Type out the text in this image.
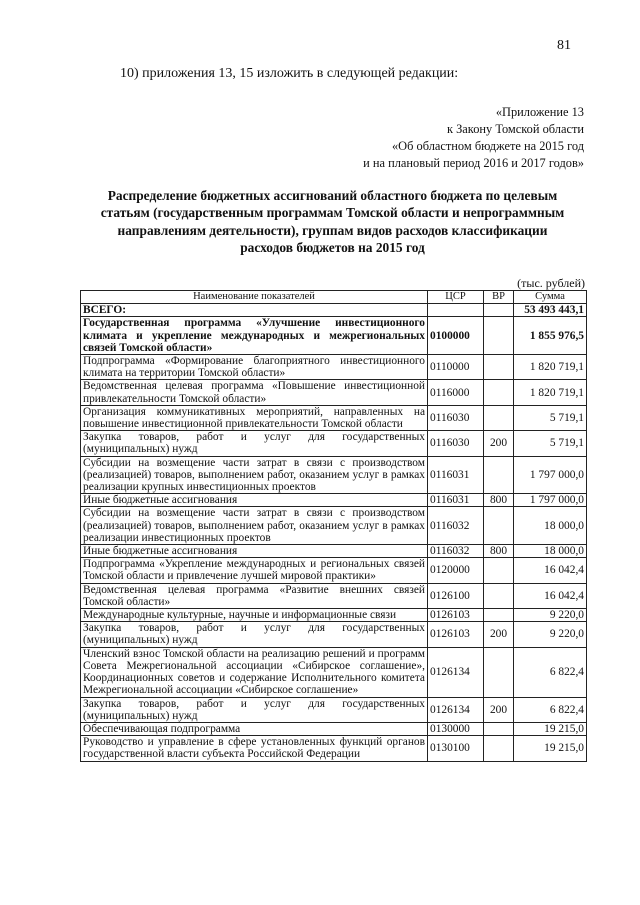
81
10) приложения 13, 15 изложить в следующей редакции:
«Приложение 13
к Закону Томской области
«Об областном бюджете на 2015 год
и на плановый период 2016 и 2017 годов»
Распределение бюджетных ассигнований областного бюджета по целевым
статьям (государственным программам Томской области и непрограммным
направлениям деятельности), группам видов расходов классификации
расходов бюджетов на 2015 год
(тыс. рублей)
Наименование показателей	ЦСР	ВР	Сумма
ВСЕГО:			53 493 443,1
Государственная программа «Улучшение инвестиционного климата и укрепление международных и межрегиональных связей Томской области»	0100000		1 855 976,5
Подпрограмма «Формирование благоприятного инвестиционного климата на территории Томской области»	0110000		1 820 719,1
Ведомственная целевая программа «Повышение инвестиционной привлекательности Томской области»	0116000		1 820 719,1
Организация коммуникативных мероприятий, направленных на повышение инвестиционной привлекательности Томской области	0116030		5 719,1
Закупка товаров, работ и услуг для государственных (муниципальных) нужд	0116030	200	5 719,1
Субсидии на возмещение части затрат в связи с производством (реализацией) товаров, выполнением работ, оказанием услуг в рамках реализации крупных инвестиционных проектов	0116031		1 797 000,0
Иные бюджетные ассигнования	0116031	800	1 797 000,0
Субсидии на возмещение части затрат в связи с производством (реализацией) товаров, выполнением работ, оказанием услуг в рамках реализации инвестиционных проектов	0116032		18 000,0
Иные бюджетные ассигнования	0116032	800	18 000,0
Подпрограмма «Укрепление международных и региональных связей Томской области и привлечение лучшей мировой практики»	0120000		16 042,4
Ведомственная целевая программа «Развитие внешних связей Томской области»	0126100		16 042,4
Международные культурные, научные и информационные связи	0126103		9 220,0
Закупка товаров, работ и услуг для государственных (муниципальных) нужд	0126103	200	9 220,0
Членский взнос Томской области на реализацию решений и программ Совета Межрегиональной ассоциации «Сибирское соглашение», Координационных советов и содержание Исполнительного комитета Межрегиональной ассоциации «Сибирское соглашение»	0126134		6 822,4
Закупка товаров, работ и услуг для государственных (муниципальных) нужд	0126134	200	6 822,4
Обеспечивающая подпрограмма	0130000		19 215,0
Руководство и управление в сфере установленных функций органов государственной власти субъекта Российской Федерации	0130100		19 215,0
